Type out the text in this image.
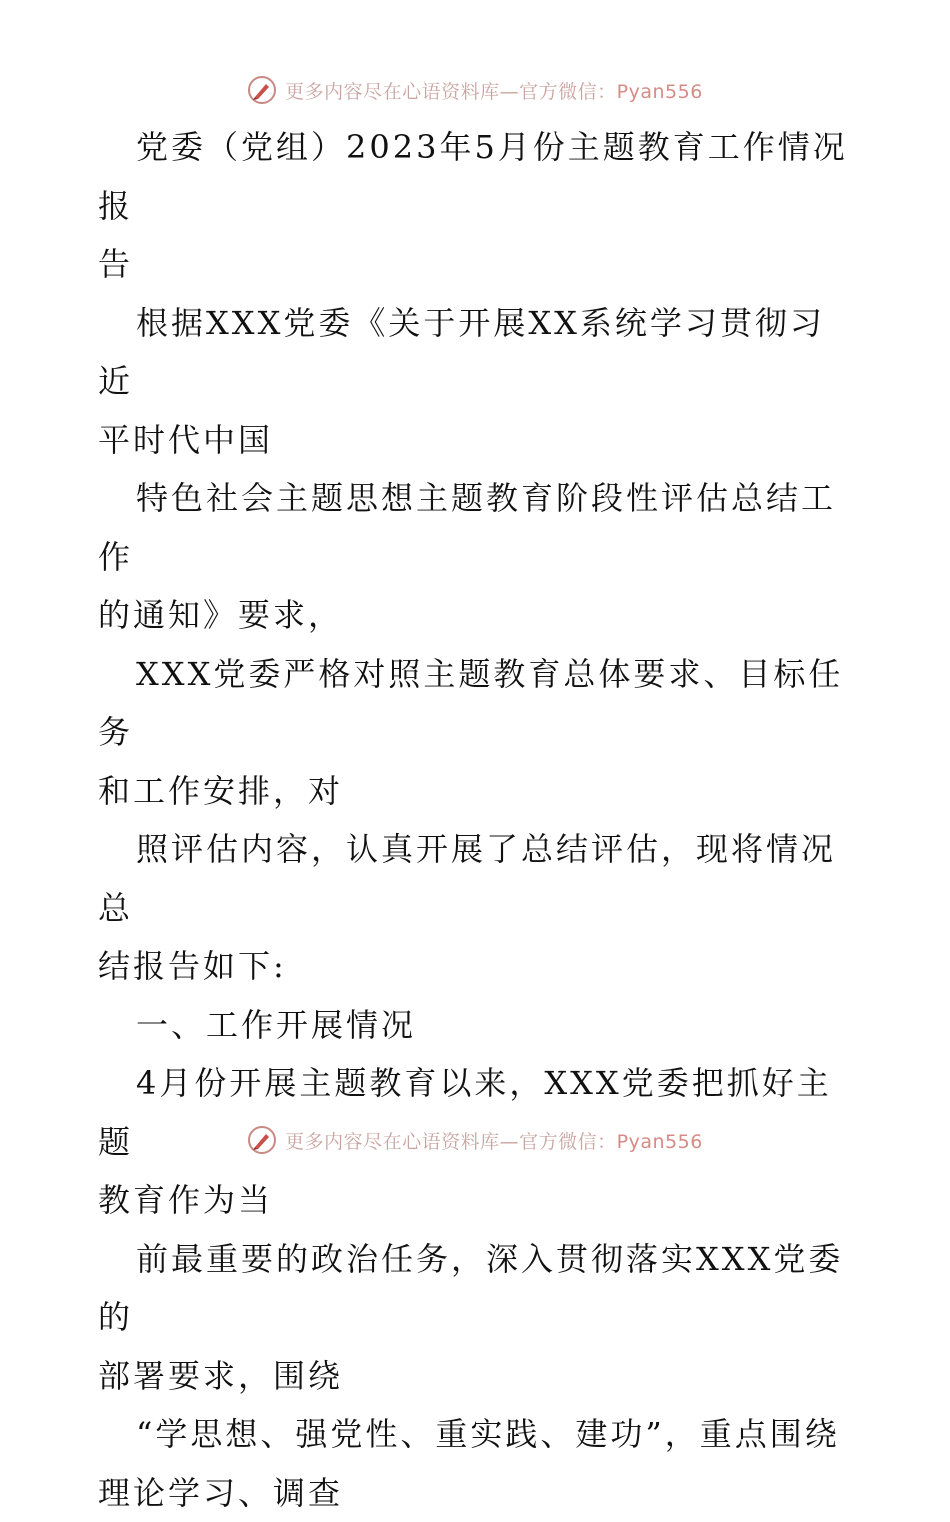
更多内容尽在心语资料库—官方微信：Pyan556

党委（党组）2023年5月份主题教育工作情况报

告

根据XXX党委《关于开展XX系统学习贯彻习近

平时代中国

特色社会主题思想主题教育阶段性评估总结工作

的通知》要求，

XXX党委严格对照主题教育总体要求、目标任务

和工作安排，对

照评估内容，认真开展了总结评估，现将情况总

结报告如下:

一、工作开展情况

4月份开展主题教育以来，XXX党委把抓好主题

教育作为当

前最重要的政治任务，深入贯彻落实XXX党委的

部署要求，围绕

“学思想、强党性、重实践、建功”，重点围绕

理论学习、调查

更多内容尽在心语资料库—官方微信：Pyan556
